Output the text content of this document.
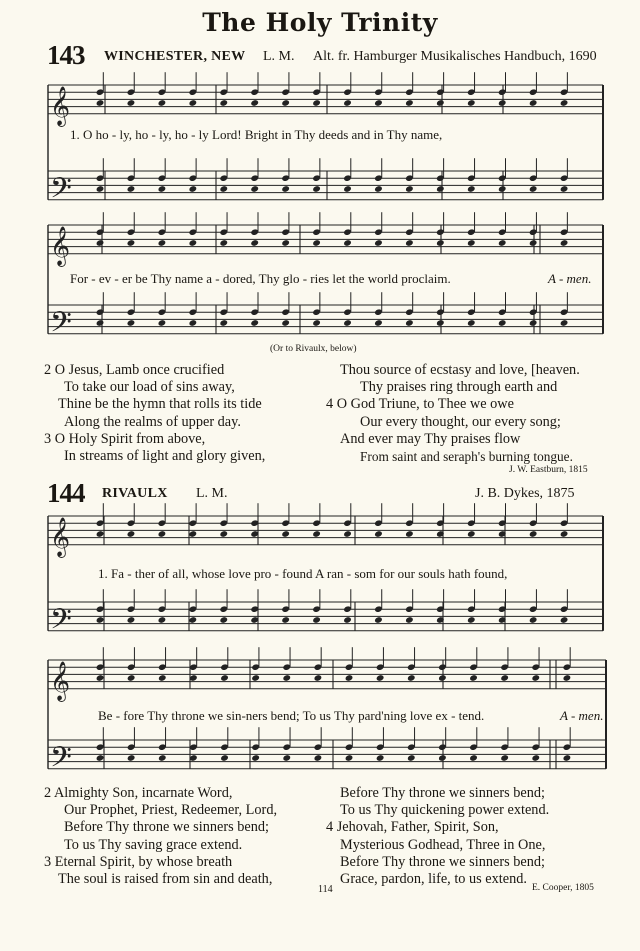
The Holy Trinity
143 WINCHESTER, NEW L. M. Alt. fr. Hamburger Musikalisches Handbuch, 1690
𝄞
𝄢
𝄞
𝄢
𝄞
𝄢
𝄞
𝄢
1. O ho - ly, ho - ly, ho - ly Lord! Bright in Thy deeds and in Thy name,
For - ev - er be Thy name a - dored, Thy glo - ries let the world proclaim.	A - men.
(Or to Rivaulx, below)
2 O Jesus, Lamb once crucified
To take our load of sins away,
Thine be the hymn that rolls its tide
Along the realms of upper day.
3 O Holy Spirit from above,
In streams of light and glory given,
Thou source of ecstasy and love, [heaven.
Thy praises ring through earth and
4 O God Triune, to Thee we owe
Our every thought, our every song;
And ever may Thy praises flow
From saint and seraph's burning tongue.
J. W. Eastburn, 1815
144 RIVAULX L. M.	J. B. Dykes, 1875
1. Fa - ther of all, whose love pro - found A ran - som for our souls hath found,
Be - fore Thy throne we sin-ners bend; To us Thy pard'ning love ex - tend.	A - men.
2 Almighty Son, incarnate Word,
Our Prophet, Priest, Redeemer, Lord,
Before Thy throne we sinners bend;
To us Thy saving grace extend.
3 Eternal Spirit, by whose breath
The soul is raised from sin and death,
Before Thy throne we sinners bend;
To us Thy quickening power extend.
4 Jehovah, Father, Spirit, Son,
Mysterious Godhead, Three in One,
Before Thy throne we sinners bend;
Grace, pardon, life, to us extend.
114	E. Cooper, 1805
